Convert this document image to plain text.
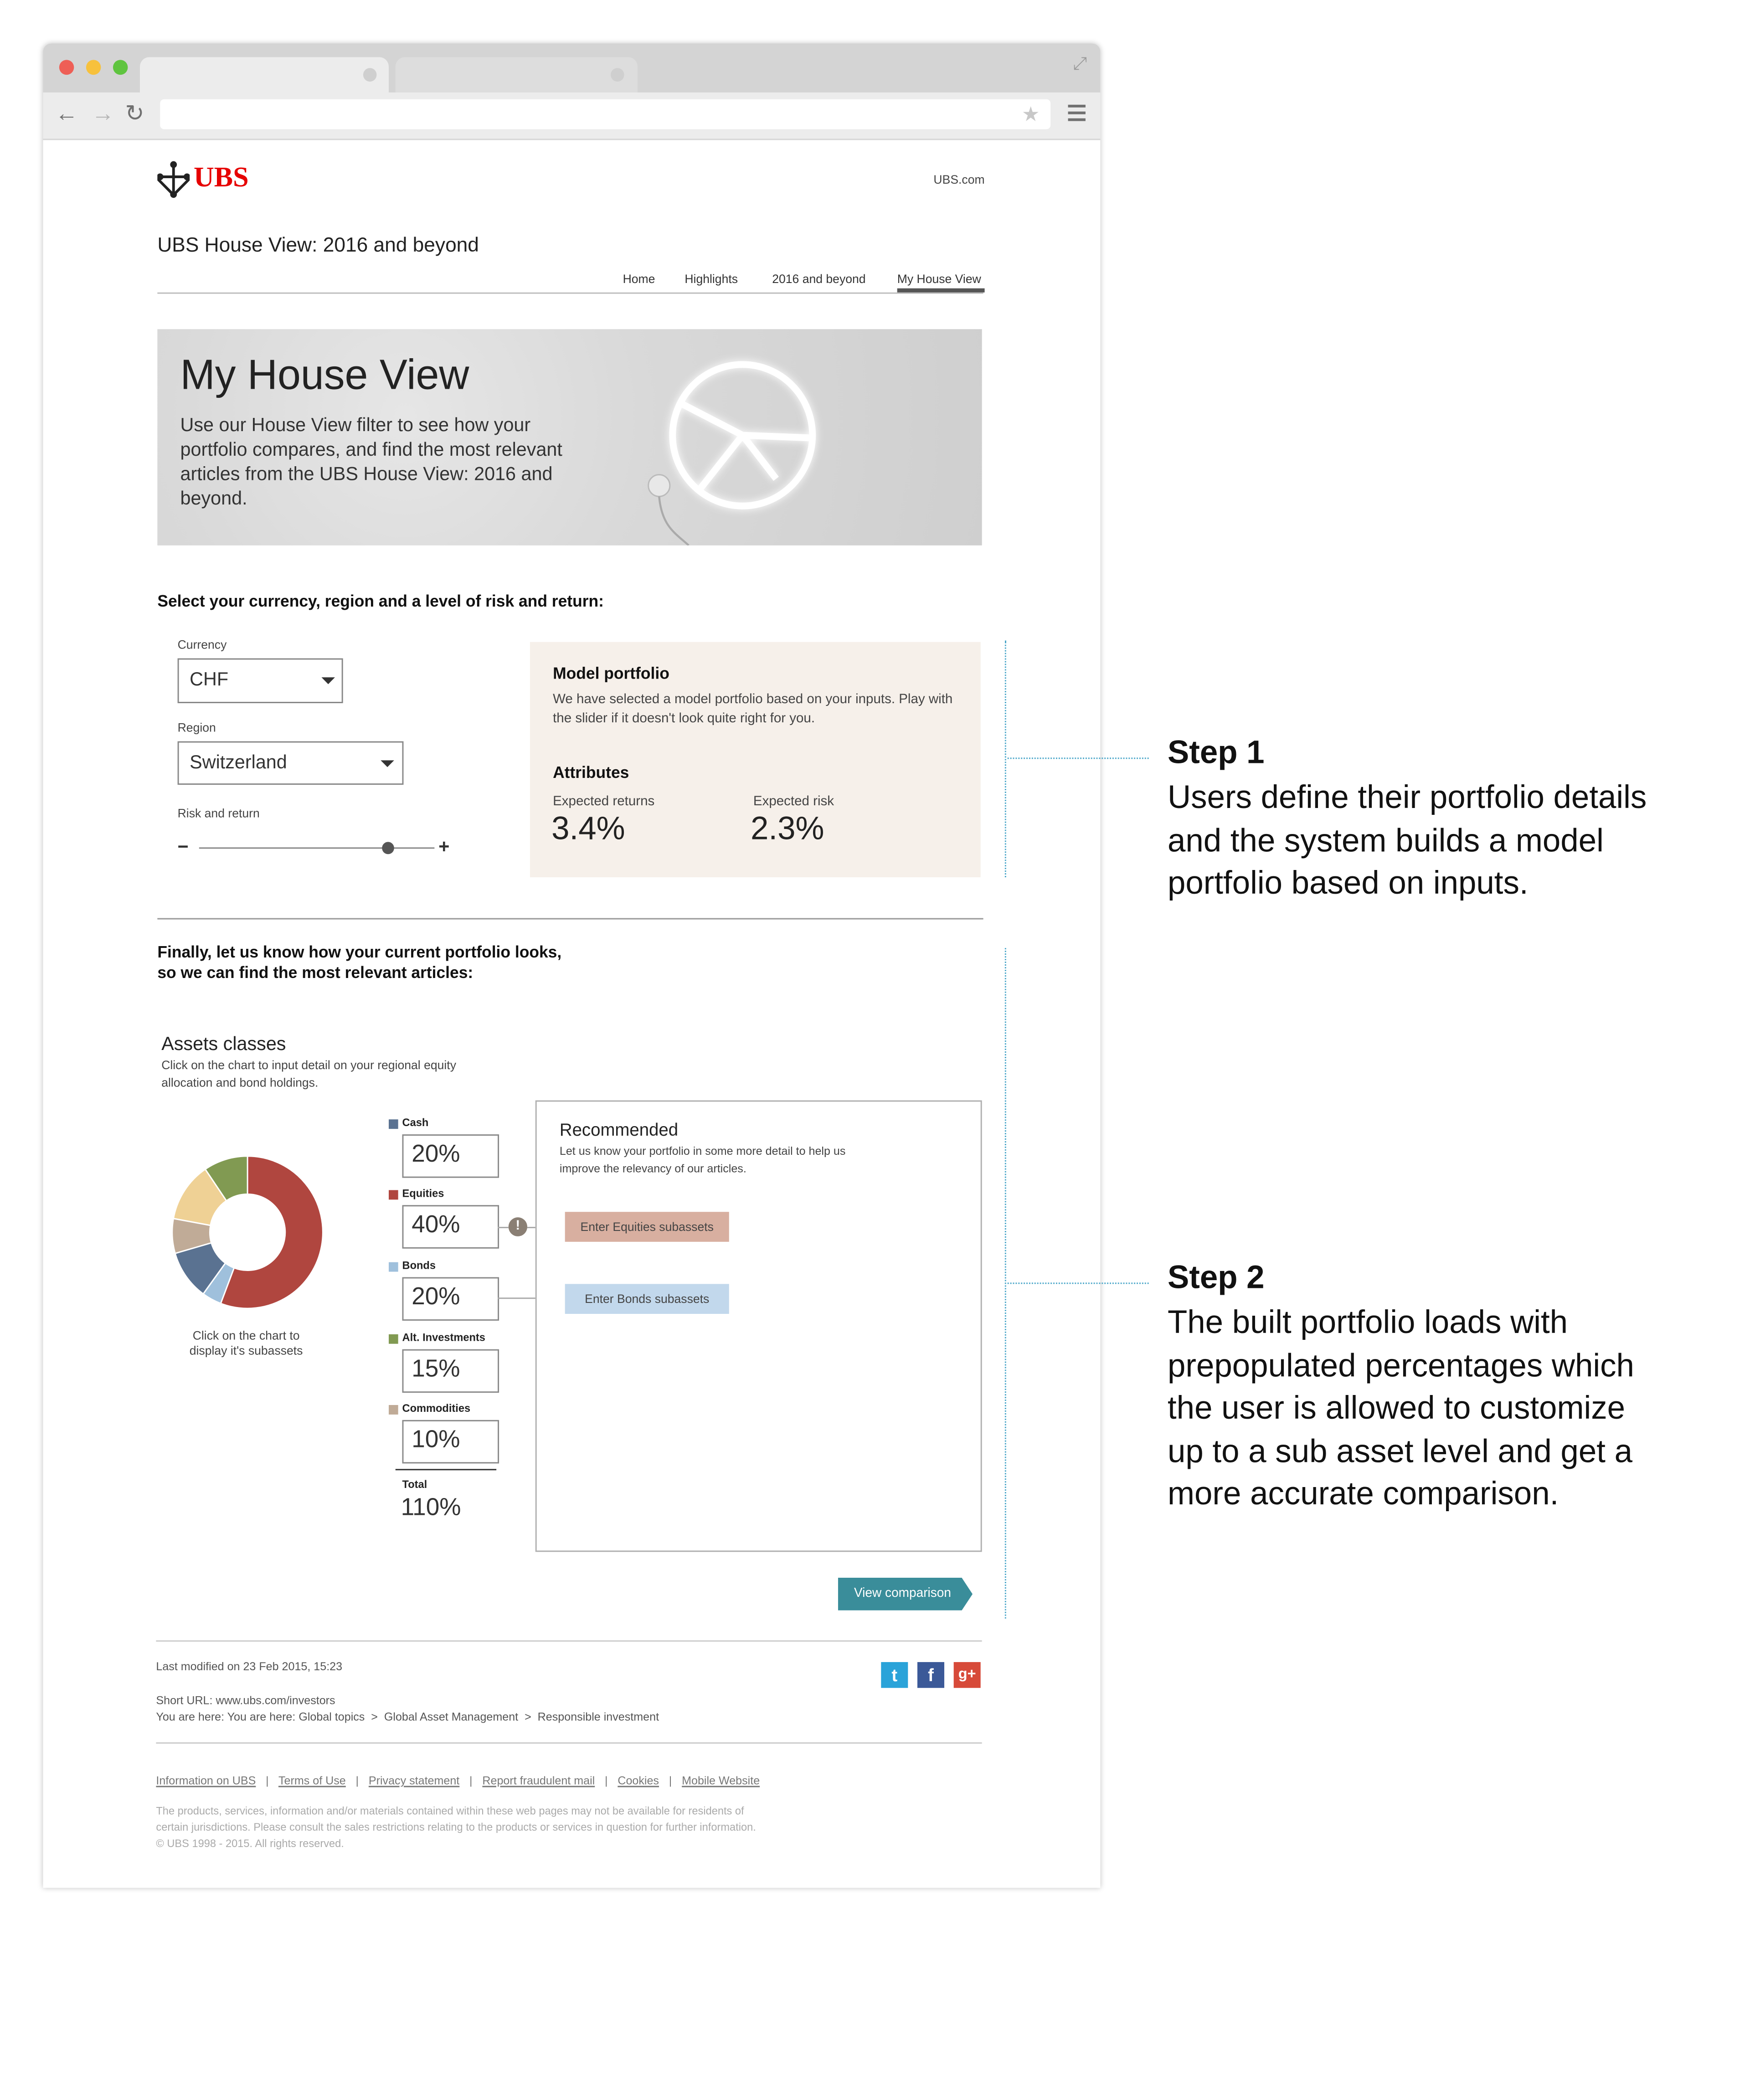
⤢
← → ↻	★
UBS	UBS.com
UBS House View: 2016 and beyond
Home	Highlights	2016 and beyond	My House View
My House View
Use our House View filter to see how your portfolio compares, and find the most relevant articles from the UBS House View: 2016 and beyond.
Select your currency, region and a level of risk and return:
Currency
CHF
Region
Switzerland
Risk and return
−	+
Model portfolio
We have selected a model portfolio based on your inputs. Play with the slider if it doesn't look quite right for you.
Attributes
Expected returns
3.4%
Expected risk
2.3%
Finally, let us know how your current portfolio looks,
so we can find the most relevant articles:
Assets classes
Click on the chart to input detail on your regional equity
allocation and bond holdings.
Click on the chart to
display it's subassets
Cash
20%
Equities
40%	!
Bonds
20%
Alt. Investments
15%
Commodities
10%
Total
110%
Recommended
Let us know your portfolio in some more detail to help us
improve the relevancy of our articles.
Enter Equities subassets
Enter Bonds subassets
View comparison
Last modified on 23 Feb 2015, 15:23	t	f	g+
Short URL: www.ubs.com/investors
You are here: You are here: Global topics  >  Global Asset Management  >  Responsible investment
Information on UBS	|	Terms of Use	|	Privacy statement	|	Report fraudulent mail	|	Cookies	|	Mobile Website
The products, services, information and/or materials contained within these web pages may not be available for residents of
certain jurisdictions. Please consult the sales restrictions relating to the products or services in question for further information.
© UBS 1998 - 2015. All rights reserved.
Step 1
Users define their portfolio details
and the system builds a model
portfolio based on inputs.
Step 2
The built portfolio loads with
prepopulated percentages which
the user is allowed to customize
up to a sub asset level and get a
more accurate comparison.
